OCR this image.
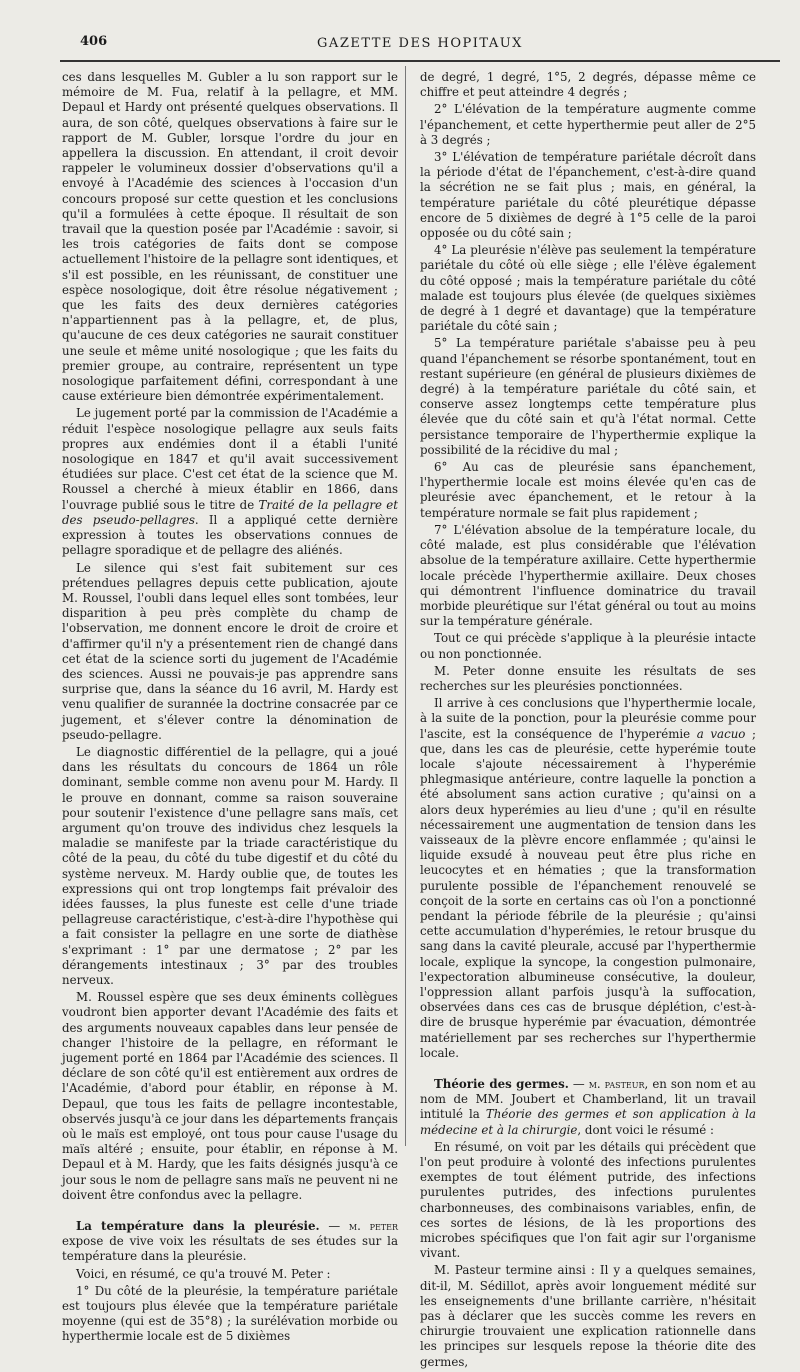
406	GAZETTE DES HOPITAUX

ces dans lesquelles M. Gubler a lu son rapport sur le mémoire de M. Fua, relatif à la pellagre, et MM. Depaul et Hardy ont présenté quelques observations. Il aura, de son côté, quelques observations à faire sur le rapport de M. Gubler, lorsque l'ordre du jour en appellera la discussion. En attendant, il croit devoir rappeler le volumineux dossier d'observations qu'il a envoyé à l'Académie des sciences à l'occasion d'un concours proposé sur cette question et les conclusions qu'il a formulées à cette époque. Il résultait de son travail que la question posée par l'Académie : savoir, si les trois catégories de faits dont se compose actuellement l'histoire de la pellagre sont identiques, et s'il est possible, en les réunissant, de constituer une espèce nosologique, doit être résolue négativement ; que les faits des deux dernières catégories n'appartiennent pas à la pellagre, et, de plus, qu'aucune de ces deux catégories ne saurait constituer une seule et même unité nosologique ; que les faits du premier groupe, au contraire, représentent un type nosologique parfaitement défini, correspondant à une cause extérieure bien démontrée expérimentalement.

Le jugement porté par la commission de l'Académie a réduit l'espèce nosologique pellagre aux seuls faits propres aux endémies dont il a établi l'unité nosologique en 1847 et qu'il avait successivement étudiées sur place. C'est cet état de la science que M. Roussel a cherché à mieux établir en 1866, dans l'ouvrage publié sous le titre de Traité de la pellagre et des pseudo-pellagres. Il a appliqué cette dernière expression à toutes les observations connues de pellagre sporadique et de pellagre des aliénés.

Le silence qui s'est fait subitement sur ces prétendues pellagres depuis cette publication, ajoute M. Roussel, l'oubli dans lequel elles sont tombées, leur disparition à peu près complète du champ de l'observation, me donnent encore le droit de croire et d'affirmer qu'il n'y a présentement rien de changé dans cet état de la science sorti du jugement de l'Académie des sciences. Aussi ne pouvais-je pas apprendre sans surprise que, dans la séance du 16 avril, M. Hardy est venu qualifier de surannée la doctrine consacrée par ce jugement, et s'élever contre la dénomination de pseudo-pellagre.

Le diagnostic différentiel de la pellagre, qui a joué dans les résultats du concours de 1864 un rôle dominant, semble comme non avenu pour M. Hardy. Il le prouve en donnant, comme sa raison souveraine pour soutenir l'existence d'une pellagre sans maïs, cet argument qu'on trouve des individus chez lesquels la maladie se manifeste par la triade caractéristique du côté de la peau, du côté du tube digestif et du côté du système nerveux. M. Hardy oublie que, de toutes les expressions qui ont trop longtemps fait prévaloir des idées fausses, la plus funeste est celle d'une triade pellagreuse caractéristique, c'est-à-dire l'hypothèse qui a fait consister la pellagre en une sorte de diathèse s'exprimant : 1° par une dermatose ; 2° par les dérangements intestinaux ; 3° par des troubles nerveux.

M. Roussel espère que ses deux éminents collègues voudront bien apporter devant l'Académie des faits et des arguments nouveaux capables dans leur pensée de changer l'histoire de la pellagre, en réformant le jugement porté en 1864 par l'Académie des sciences. Il déclare de son côté qu'il est entièrement aux ordres de l'Académie, d'abord pour établir, en réponse à M. Depaul, que tous les faits de pellagre incontestable, observés jusqu'à ce jour dans les départements français où le maïs est employé, ont tous pour cause l'usage du maïs altéré ; ensuite, pour établir, en réponse à M. Depaul et à M. Hardy, que les faits désignés jusqu'à ce jour sous le nom de pellagre sans maïs ne peuvent ni ne doivent être confondus avec la pellagre.

La température dans la pleurésie. — m. peter expose de vive voix les résultats de ses études sur la température dans la pleurésie.

Voici, en résumé, ce qu'a trouvé M. Peter :

1° Du côté de la pleurésie, la température pariétale est toujours plus élevée que la température pariétale moyenne (qui est de 35°8) ; la surélévation morbide ou hyperthermie locale est de 5 dixièmes

de degré, 1 degré, 1°5, 2 degrés, dépasse même ce chiffre et peut atteindre 4 degrés ;

2° L'élévation de la température augmente comme l'épanchement, et cette hyperthermie peut aller de 2°5 à 3 degrés ;

3° L'élévation de température pariétale décroît dans la période d'état de l'épanchement, c'est-à-dire quand la sécrétion ne se fait plus ; mais, en général, la température pariétale du côté pleurétique dépasse encore de 5 dixièmes de degré à 1°5 celle de la paroi opposée ou du côté sain ;

4° La pleurésie n'élève pas seulement la température pariétale du côté où elle siège ; elle l'élève également du côté opposé ; mais la température pariétale du côté malade est toujours plus élevée (de quelques sixièmes de degré à 1 degré et davantage) que la température pariétale du côté sain ;

5° La température pariétale s'abaisse peu à peu quand l'épanchement se résorbe spontanément, tout en restant supérieure (en général de plusieurs dixièmes de degré) à la température pariétale du côté sain, et conserve assez longtemps cette température plus élevée que du côté sain et qu'à l'état normal. Cette persistance temporaire de l'hyperthermie explique la possibilité de la récidive du mal ;

6° Au cas de pleurésie sans épanchement, l'hyperthermie locale est moins élevée qu'en cas de pleurésie avec épanchement, et le retour à la température normale se fait plus rapidement ;

7° L'élévation absolue de la température locale, du côté malade, est plus considérable que l'élévation absolue de la température axillaire. Cette hyperthermie locale précède l'hyperthermie axillaire. Deux choses qui démontrent l'influence dominatrice du travail morbide pleurétique sur l'état général ou tout au moins sur la température générale.

Tout ce qui précède s'applique à la pleurésie intacte ou non ponctionnée.

M. Peter donne ensuite les résultats de ses recherches sur les pleurésies ponctionnées.

Il arrive à ces conclusions que l'hyperthermie locale, à la suite de la ponction, pour la pleurésie comme pour l'ascite, est la conséquence de l'hyperémie a vacuo ; que, dans les cas de pleurésie, cette hyperémie toute locale s'ajoute nécessairement à l'hyperémie phlegmasique antérieure, contre laquelle la ponction a été absolument sans action curative ; qu'ainsi on a alors deux hyperémies au lieu d'une ; qu'il en résulte nécessairement une augmentation de tension dans les vaisseaux de la plèvre encore enflammée ; qu'ainsi le liquide exsudé à nouveau peut être plus riche en leucocytes et en hématies ; que la transformation purulente possible de l'épanchement renouvelé se conçoit de la sorte en certains cas où l'on a ponctionné pendant la période fébrile de la pleurésie ; qu'ainsi cette accumulation d'hyperémies, le retour brusque du sang dans la cavité pleurale, accusé par l'hyperthermie locale, explique la syncope, la congestion pulmonaire, l'expectoration albumineuse consécutive, la douleur, l'oppression allant parfois jusqu'à la suffocation, observées dans ces cas de brusque déplétion, c'est-à-dire de brusque hyperémie par évacuation, démontrée matériellement par ses recherches sur l'hyperthermie locale.

Théorie des germes. — m. pasteur, en son nom et au nom de MM. Joubert et Chamberland, lit un travail intitulé la Théorie des germes et son application à la médecine et à la chirurgie, dont voici le résumé :

En résumé, on voit par les détails qui précèdent que l'on peut produire à volonté des infections purulentes exemptes de tout élément putride, des infections purulentes putrides, des infections purulentes charbonneuses, des combinaisons variables, enfin, de ces sortes de lésions, de là les proportions des microbes spécifiques que l'on fait agir sur l'organisme vivant.

M. Pasteur termine ainsi : Il y a quelques semaines, dit-il, M. Sédillot, après avoir longuement médité sur les enseignements d'une brillante carrière, n'hésitait pas à déclarer que les succès comme les revers en chirurgie trouvaient une explication rationnelle dans les principes sur lesquels repose la théorie dite des germes,
